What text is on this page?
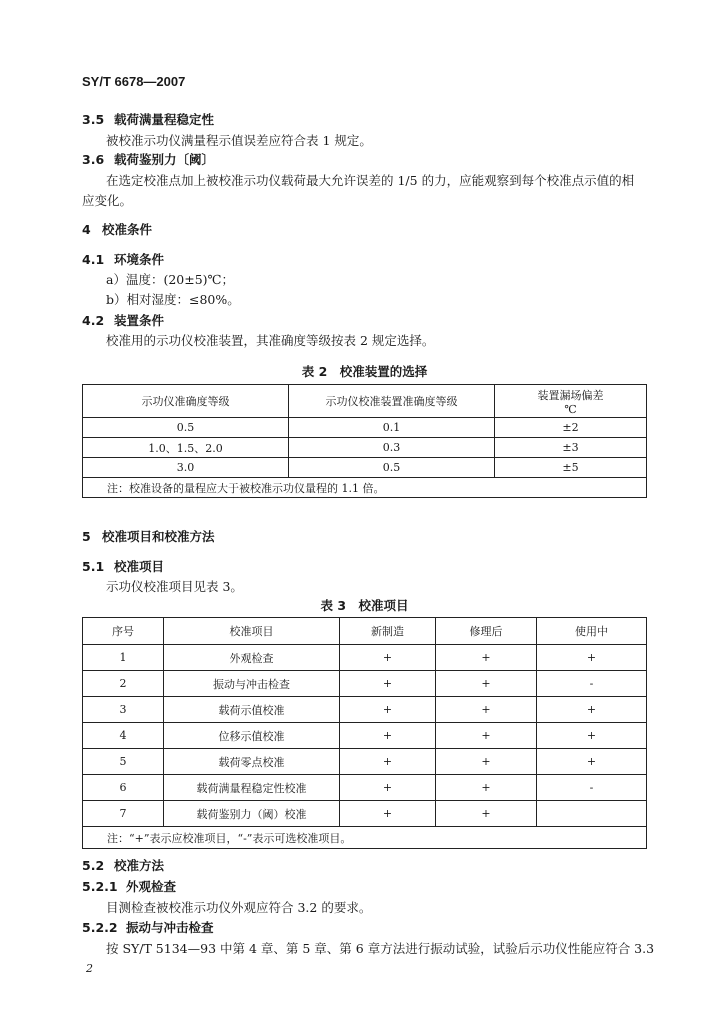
SY/T 6678—2007
3.5 载荷满量程稳定性
被校准示功仪满量程示值误差应符合表 1 规定。
3.6 载荷鉴别力〔阈〕
在选定校准点加上被校准示功仪载荷最大允许误差的 1/5 的力，应能观察到每个校准点示值的相
应变化。
4 校准条件
4.1 环境条件
a）温度：(20±5)℃；
b）相对湿度：≤80%。
4.2 装置条件
校准用的示功仪校准装置，其准确度等级按表 2 规定选择。
表 2　校准装置的选择
示功仪准确度等级	示功仪校准装置准确度等级	装置漏场偏差
℃

0.5	0.1	±2
1.0、1.5、2.0	0.3	±3
3.0	0.5	±5
注：校准设备的量程应大于被校准示功仪量程的 1.1 倍。		
5 校准项目和校准方法
5.1 校准项目
示功仪校准项目见表 3。
表 3　校准项目
序号	校准项目	新制造	修理后	使用中
1	外观检查	+	+	+
2	振动与冲击检查	+	+	-
3	载荷示值校准	+	+	+
4	位移示值校准	+	+	+
5	载荷零点校准	+	+	+
6	载荷满量程稳定性校准	+	+	-
7	载荷鉴别力（阈）校准	+	+	
注：“+”表示应校准项目，“-”表示可选校准项目。				
5.2 校准方法
5.2.1 外观检查
目测检查被校准示功仪外观应符合 3.2 的要求。
5.2.2 振动与冲击检查
按 SY/T 5134—93 中第 4 章、第 5 章、第 6 章方法进行振动试验，试验后示功仪性能应符合 3.3
2
